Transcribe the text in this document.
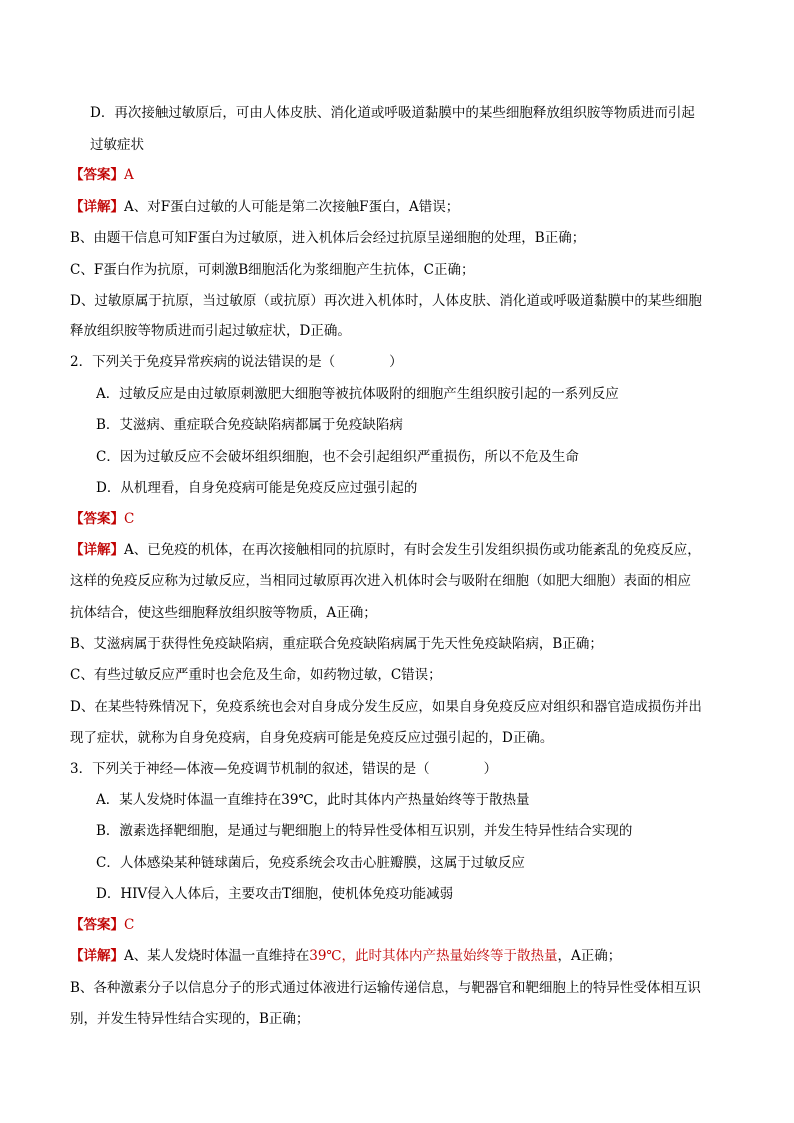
D．再次接触过敏原后，可由人体皮肤、消化道或呼吸道黏膜中的某些细胞释放组织胺等物质进而引起
过敏症状
【答案】A
【详解】A、对F蛋白过敏的人可能是第二次接触F蛋白，A错误；
B、由题干信息可知F蛋白为过敏原，进入机体后会经过抗原呈递细胞的处理，B正确；
C、F蛋白作为抗原，可刺激B细胞活化为浆细胞产生抗体，C正确；
D、过敏原属于抗原，当过敏原（或抗原）再次进入机体时，人体皮肤、消化道或呼吸道黏膜中的某些细胞
释放组织胺等物质进而引起过敏症状，D正确。
2．下列关于免疫异常疾病的说法错误的是（　　　　）
A．过敏反应是由过敏原刺激肥大细胞等被抗体吸附的细胞产生组织胺引起的一系列反应
B．艾滋病、重症联合免疫缺陷病都属于免疫缺陷病
C．因为过敏反应不会破坏组织细胞，也不会引起组织严重损伤，所以不危及生命
D．从机理看，自身免疫病可能是免疫反应过强引起的
【答案】C
【详解】A、已免疫的机体，在再次接触相同的抗原时，有时会发生引发组织损伤或功能紊乱的免疫反应，
这样的免疫反应称为过敏反应，当相同过敏原再次进入机体时会与吸附在细胞（如肥大细胞）表面的相应
抗体结合，使这些细胞释放组织胺等物质，A正确；
B、艾滋病属于获得性免疫缺陷病，重症联合免疫缺陷病属于先天性免疫缺陷病，B正确；
C、有些过敏反应严重时也会危及生命，如药物过敏，C错误；
D、在某些特殊情况下，免疫系统也会对自身成分发生反应，如果自身免疫反应对组织和器官造成损伤并出
现了症状，就称为自身免疫病，自身免疫病可能是免疫反应过强引起的，D正确。
3．下列关于神经—体液—免疫调节机制的叙述，错误的是（　　　　）
A．某人发烧时体温一直维持在39℃，此时其体内产热量始终等于散热量
B．激素选择靶细胞，是通过与靶细胞上的特异性受体相互识别，并发生特异性结合实现的
C．人体感染某种链球菌后，免疫系统会攻击心脏瓣膜，这属于过敏反应
D．HIV侵入人体后，主要攻击T细胞，使机体免疫功能减弱
【答案】C
【详解】A、某人发烧时体温一直维持在39℃，此时其体内产热量始终等于散热量，A正确；
B、各种激素分子以信息分子的形式通过体液进行运输传递信息，与靶器官和靶细胞上的特异性受体相互识
别，并发生特异性结合实现的，B正确；
